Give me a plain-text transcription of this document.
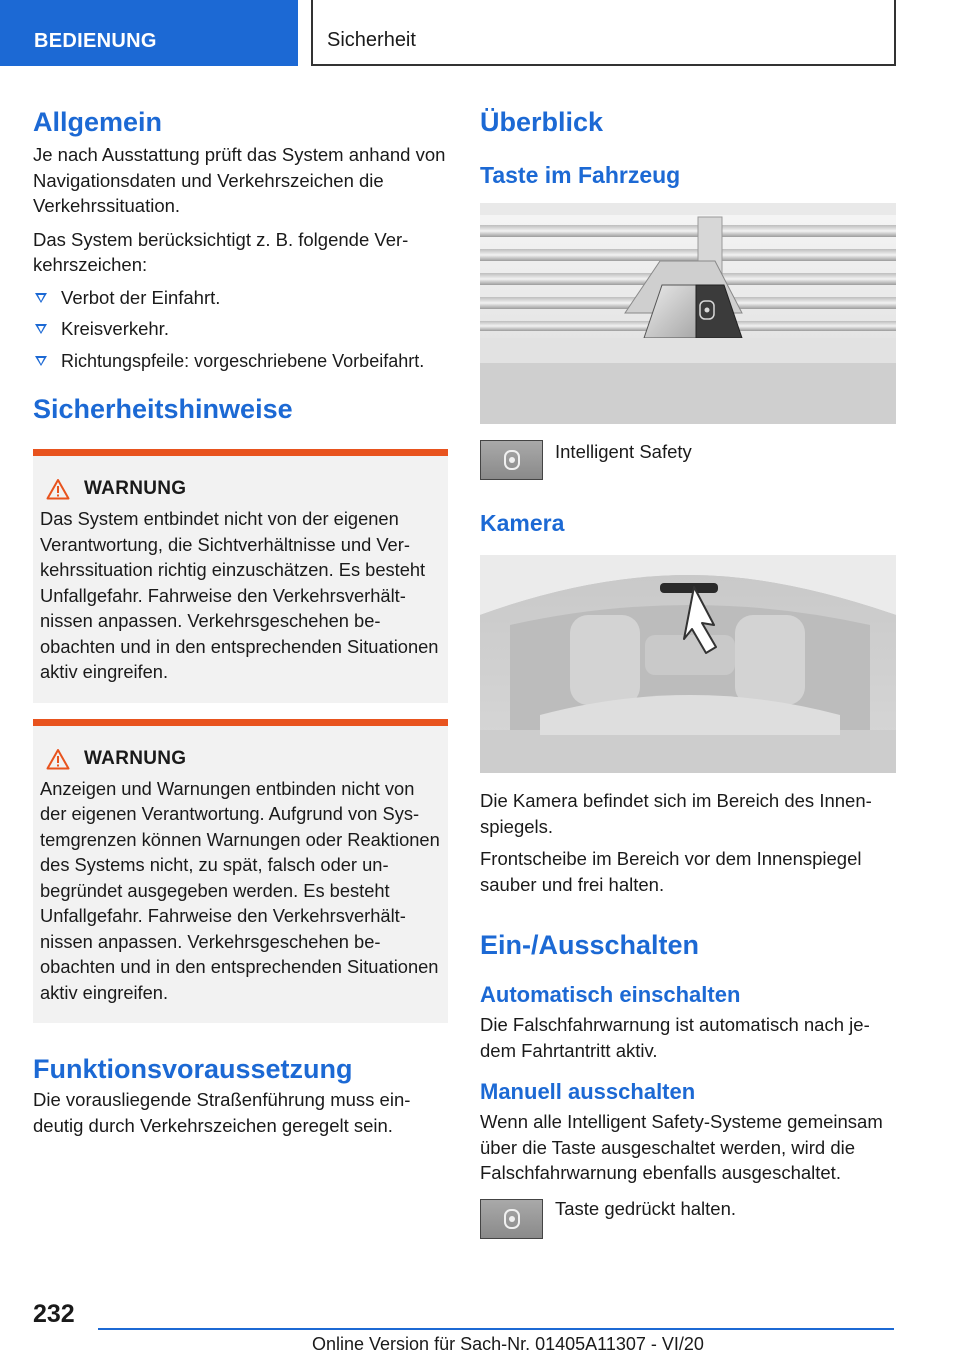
BEDIENUNG	Sicherheit
Allgemein
Je nach Ausstattung prüft das System anhand von Navigationsdaten und Verkehrszeichen die Verkehrssituation.
Das System berücksichtigt z. B. folgende Verkehrszeichen:
Verbot der Einfahrt.
Kreisverkehr.
Richtungspfeile: vorgeschriebene Vorbeifahrt.
Sicherheitshinweise
WARNUNG
Das System entbindet nicht von der eigenen Verantwortung, die Sichtverhältnisse und Verkehrssituation richtig einzuschätzen. Es besteht Unfallgefahr. Fahrweise den Verkehrsverhältnissen anpassen. Verkehrsgeschehen beobachten und in den entsprechenden Situationen aktiv eingreifen.
WARNUNG
Anzeigen und Warnungen entbinden nicht von der eigenen Verantwortung. Aufgrund von Systemgrenzen können Warnungen oder Reaktionen des Systems nicht, zu spät, falsch oder unbegründet ausgegeben werden. Es besteht Unfallgefahr. Fahrweise den Verkehrsverhältnissen anpassen. Verkehrsgeschehen beobachten und in den entsprechenden Situationen aktiv eingreifen.
Funktionsvoraussetzung
Die vorausliegende Straßenführung muss eindeutig durch Verkehrszeichen geregelt sein.
Überblick
Taste im Fahrzeug
Intelligent Safety
Kamera
Die Kamera befindet sich im Bereich des Innenspiegels.
Frontscheibe im Bereich vor dem Innenspiegel sauber und frei halten.
Ein-/Ausschalten
Automatisch einschalten
Die Falschfahrwarnung ist automatisch nach jedem Fahrtantritt aktiv.
Manuell ausschalten
Wenn alle Intelligent Safety-Systeme gemeinsam über die Taste ausgeschaltet werden, wird die Falschfahrwarnung ebenfalls ausgeschaltet.
Taste gedrückt halten.
232
Online Version für Sach-Nr. 01405A11307 - VI/20
